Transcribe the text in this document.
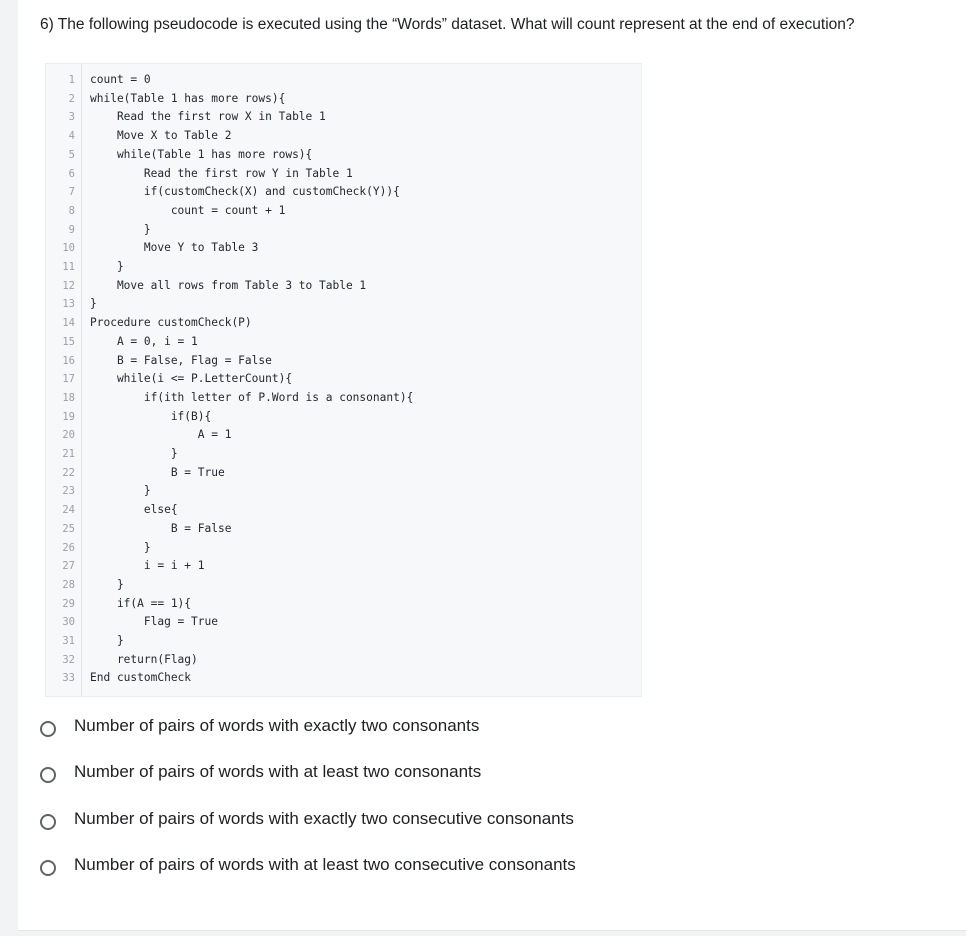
6) The following pseudocode is executed using the “Words” dataset. What will count represent at the end of execution?
1 count = 0
2 while(Table 1 has more rows){
3 Read the first row X in Table 1
4 Move X to Table 2
5 while(Table 1 has more rows){
6 Read the first row Y in Table 1
7 if(customCheck(X) and customCheck(Y)){
8 count = count + 1
9 }
10 Move Y to Table 3
11 }
12 Move all rows from Table 3 to Table 1
13 }
14 Procedure customCheck(P)
15 A = 0, i = 1
16 B = False, Flag = False
17 while(i <= P.LetterCount){
18 if(ith letter of P.Word is a consonant){
19 if(B){
20 A = 1
21 }
22 B = True
23 }
24 else{
25 B = False
26 }
27 i = i + 1
28 }
29 if(A == 1){
30 Flag = True
31 }
32 return(Flag)
33 End customCheck
Number of pairs of words with exactly two consonants
Number of pairs of words with at least two consonants
Number of pairs of words with exactly two consecutive consonants
Number of pairs of words with at least two consecutive consonants
